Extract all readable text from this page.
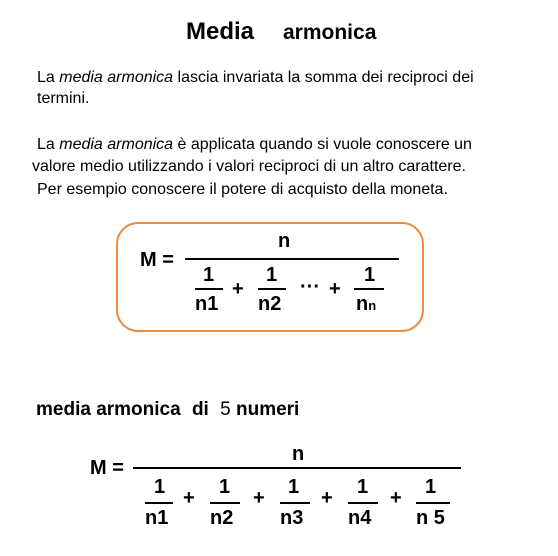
Media armonica
La media armonica lascia invariata la somma dei reciproci dei
termini.
La media armonica è applicata quando si vuole conoscere un
valore medio utilizzando i valori reciproci di un altro carattere.
Per esempio conoscere il potere di acquisto della moneta.
M =
n
1
n1
+
1
n2
··· +
1
nn
media armonica di 5 numeri
M =
n
1
n1
+ 1
n2
+ 1
n3
+ 1
n4
+ 1
n 5
